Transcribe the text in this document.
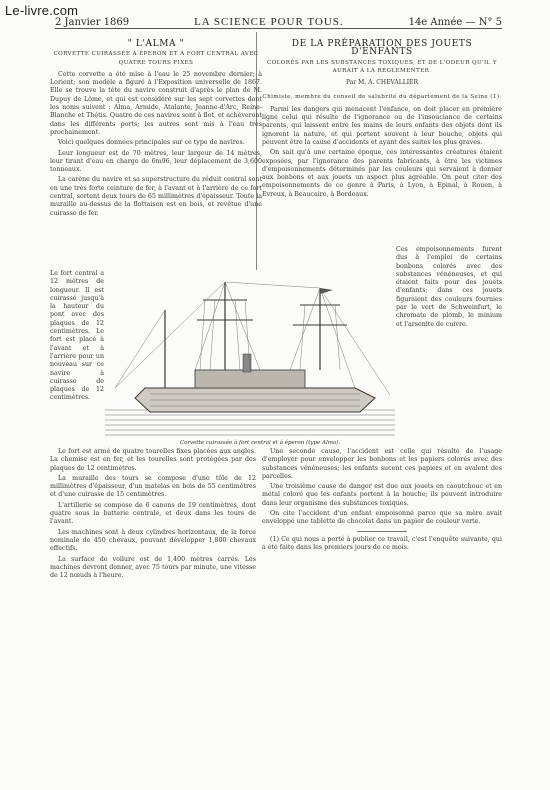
Le-livre.com
2 Janvier 1869	LA SCIENCE POUR TOUS.	14e Année — N° 5
" L'ALMA "
CORVETTE CUIRASSÉE À ÉPERON ET À FORT CENTRAL AVEC QUATRE TOURS FIXES

Cette corvette a été mise à l'eau le 25 novembre dernier; à Lorient; son modèle a figuré à l'Exposition universelle de 1867. Elle se trouve la tête du navire construit d'après le plan de M. Dupuy de Lôme, et qui est considéré sur les sept corvettes dont les noms suivent : Alma, Armide, Atalante, Jeanne-d'Arc, Reine-Blanche et Thétis. Quatre de ces navires sont à flot, et achèveront dans les différents ports; les autres sont mis à l'eau très prochainement.

Voici quelques données principales sur ce type de navires.

Leur longueur est de 70 mètres, leur largeur de 14 mètres, leur tirant d'eau en charge de 6m96, leur déplacement de 3,600 tonneaux.

La carène du navire et sa superstructure du réduit central sont en une très forte ceinture de fer, à l'avant et à l'arrière de ce fort central, sortent deux tours de 65 millimètres d'épaisseur. Toute la muraille au-dessus de la flottaison est en bois, et revêtue d'une cuirasse de fer.

DE LA PRÉPARATION DES JOUETS D'ENFANTS
COLORÉS PAR LES SUBSTANCES TOXIQUES, ET DE L'ODEUR QU'IL Y AURAIT À LA RÉGLEMENTER.
Par M. A. CHEVALLIER
Chimiste, membre du conseil de salubrité du département de la Seine (1).

Parmi les dangers qui menacent l'enfance, on doit placer en première ligne celui qui résulte de l'ignorance ou de l'insouciance de certains parents, qui laissent entre les mains de leurs enfants des objets dont ils ignorent la nature, et qui portent souvent à leur bouche, objets qui peuvent être la cause d'accidents et ayant des suites les plus graves.

On sait qu'à une certaine époque, ces intéressantes créatures étaient exposées, par l'ignorance des parents fabricants, à être les victimes d'empoisonnements déterminés par les couleurs qui servaient à donner aux bonbons et aux jouets un aspect plus agréable. On peut citer des empoisonnements de ce genre à Paris, à Lyon, à Epinal, à Rouen, à Evreux, à Beaucaire, à Bordeaux.

Le fort central a 12 mètres de longueur. Il est cuirassé jusqu'à la hauteur du pont avec des plaques de 12 centimètres. Le fort est placé à l'avant et à l'arrière pour un nouveau sur ce navire à cuirasse de plaques de 12 centimètres.
Ces empoisonnements furent dus à l'emploi de certains bonbons colorés avec des substances vénéneuses, et qui étaient faits pour des jouets d'enfants; dans ces jouets figuraient des couleurs fournies par le vert de Schweinfurt, le chromate de plomb, le minium et l'arsenite de cuivre.
Corvette cuirassée à fort central et à éperon (type Alma).

Le fort est armé de quatre tourelles fixes placées aux angles. La chemise est en fer, et les tourelles sont protégées par des plaques de 12 centimètres.

La muraille des tours se compose d'une tôle de 12 millimètres d'épaisseur, d'un matelas en bois de 55 centimètres et d'une cuirasse de 15 centimètres.

L'artillerie se compose de 6 canons de 19 centimètres, dont quatre sous la batterie centrale, et deux dans les tours de l'avant.

Les machines sont à deux cylindres horizontaux, de la force nominale de 450 chevaux, pouvant développer 1,800 chevaux effectifs.

La surface de voilure est de 1,400 mètres carrés. Les machines devront donner, avec 75 tours par minute, une vitesse de 12 nœuds à l'heure.

Une seconde cause, l'accident est celle qui résulte de l'usage d'employer pour envelopper les bonbons et les papiers colorés avec des substances vénéneuses; les enfants sucent ces papiers et en avalent des parcelles.

Une troisième cause de danger est due aux jouets en caoutchouc et en métal coloré que les enfants portent à la bouche; ils peuvent introduire dans leur organisme des substances toxiques.

On cite l'accident d'un enfant empoisonné parce que sa mère avait enveloppé une tablette de chocolat dans un papier de couleur verte.

(1) Ce qui nous a porté à publier ce travail, c'est l'enquête suivante, qui a été faite dans les premiers jours de ce mois.
